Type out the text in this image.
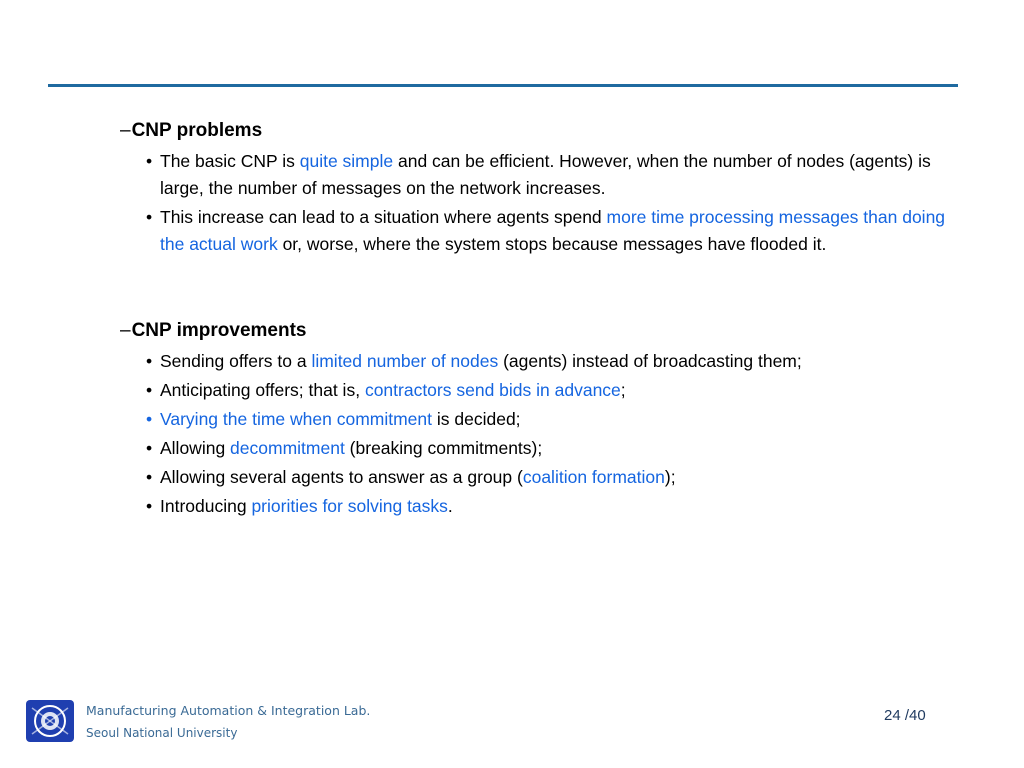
–CNP problems
• The basic CNP is quite simple and can be efficient. However, when the number of nodes (agents) is large, the number of messages on the network increases.
• This increase can lead to a situation where agents spend more time processing messages than doing the actual work or, worse, where the system stops because messages have flooded it.
–CNP improvements
• Sending offers to a limited number of nodes (agents) instead of broadcasting them;
• Anticipating offers; that is, contractors send bids in advance;
• Varying the time when commitment is decided;
• Allowing decommitment (breaking commitments);
• Allowing several agents to answer as a group (coalition formation);
• Introducing priorities for solving tasks.
Manufacturing Automation & Integration Lab.
Seoul National University
24 /40
